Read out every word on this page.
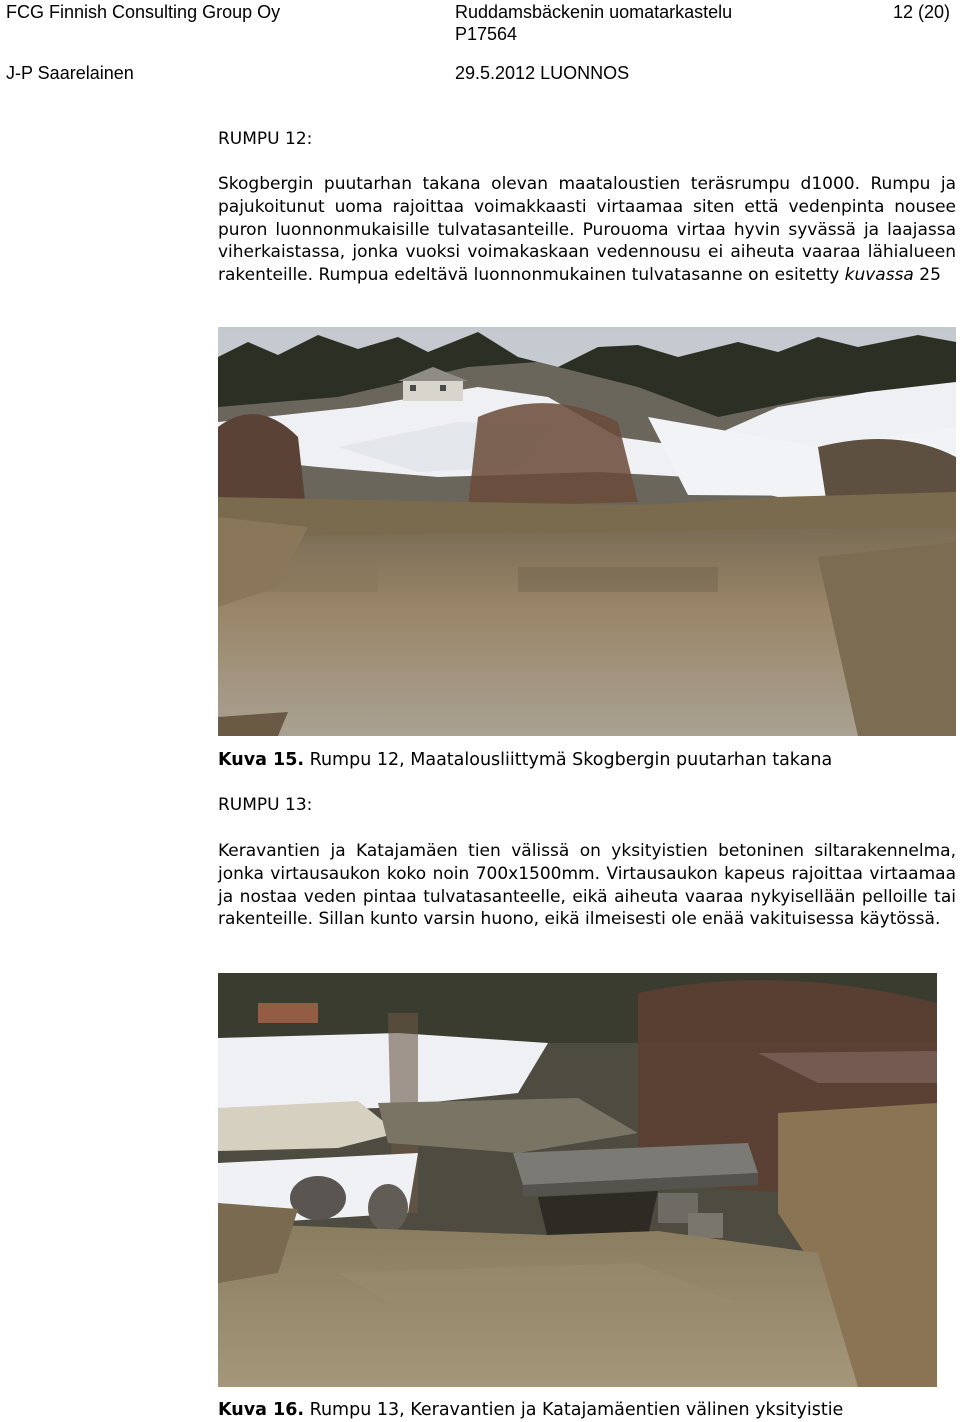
FCG Finnish Consulting Group Oy	Ruddamsbäckenin uomatarkastelu
P17564
12 (20)
J-P Saarelainen	29.5.2012 LUONNOS
RUMPU 12:

Skogbergin puutarhan takana olevan maataloustien teräsrumpu d1000. Rumpu ja pajukoitunut uoma rajoittaa voimakkaasti virtaamaa siten että vedenpinta nousee puron luonnonmukaisille tulvatasanteille. Purouoma virtaa hyvin syvässä ja laajassa viherkaistassa, jonka vuoksi voimakaskaan vedennousu ei aiheuta vaaraa lähialueen rakenteille. Rumpua edeltävä luonnonmukainen tulvatasanne on esitetty kuvassa 25

Kuva 15. Rumpu 12, Maatalousliittymä Skogbergin puutarhan takana
RUMPU 13:

Keravantien ja Katajamäen tien välissä on yksityistien betoninen siltarakennelma, jonka virtausaukon koko noin 700x1500mm. Virtausaukon kapeus rajoittaa virtaamaa ja nostaa veden pintaa tulvatasanteelle, eikä aiheuta vaaraa nykyisellään pelloille tai rakenteille. Sillan kunto varsin huono, eikä ilmeisesti ole enää vakituisessa käytössä.

Kuva 16. Rumpu 13, Keravantien ja Katajamäentien välinen yksityistie
